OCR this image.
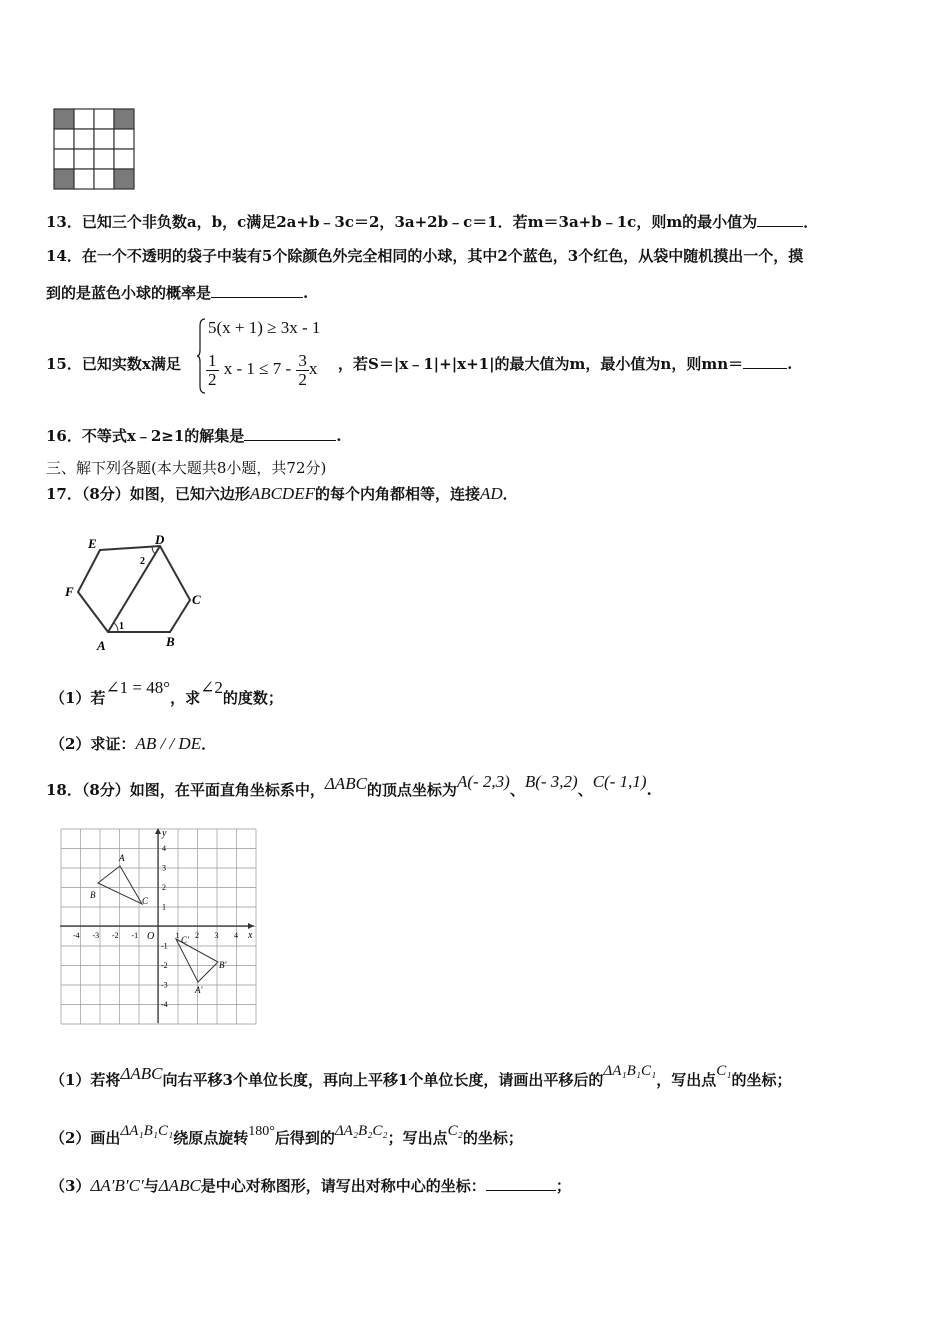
13．已知三个非负数a，b，c满足2a+b﹣3c＝2，3a+2b﹣c＝1．若m＝3a+b﹣1c，则m的最小值为	．
14．在一个不透明的袋子中装有5个除颜色外完全相同的小球，其中2个蓝色，3个红色，从袋中随机摸出一个，摸
到的是蓝色小球的概率是	.
15．已知实数x满足
5(x + 1) ≥ 3x - 1
$\frac{1}{2}$ $x - 1 \le 7 - \frac{3}{2}$ x ，若S＝|x﹣1|+|x+1|的最大值为m，最小值为n，则mn＝	.
16．不等式x﹣2≥1的解集是	.
三、解下列各题(本大题共8小题，共72分)
17．（8分）如图，已知六边形ABCDEF的每个内角都相等，连接AD．
E	D
C
B
A
F
1
2
（1）若∠1 = 48°，求∠2的度数；
（2）求证：AB / / DE．
18．（8分）如图，在平面直角坐标系中，ΔABC的顶点坐标为A(- 2,3)、B(- 3,2)、C(- 1,1).
x
y
O
-4 -3 -2 -1	1 2 3 4
4
3
2
1
-1
-2
-3
-4
A
B
C
C′
B′
A′
（1）若将ΔABC向右平移3个单位长度，再向上平移1个单位长度，请画出平移后的ΔA₁B₁C₁，写出点C₁的坐标；
（2）画出ΔA₁B₁C₁绕原点旋转180°后得到的ΔA₂B₂C₂；写出点C₂的坐标；
（3）ΔA′B′C′与ΔABC是中心对称图形，请写出对称中心的坐标：	；
